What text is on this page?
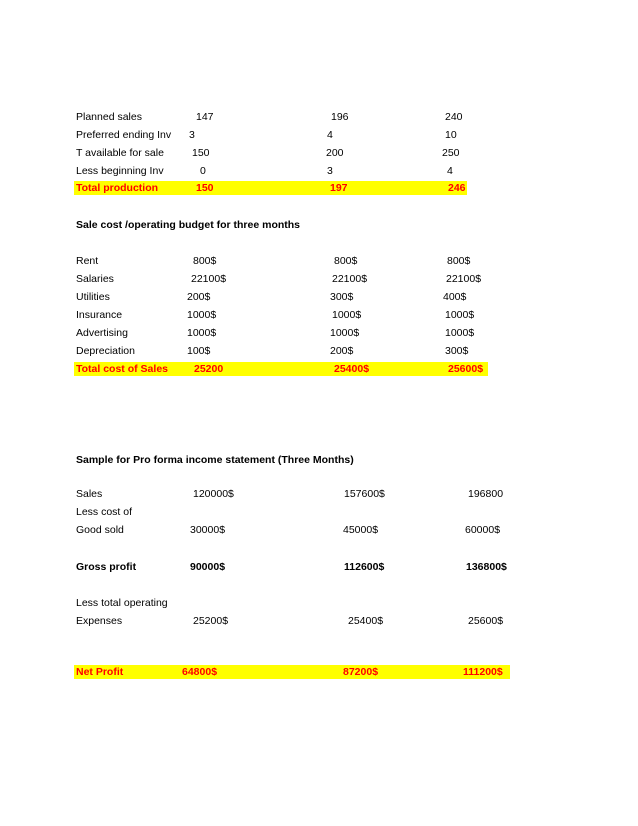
Planned sales	147	196	240
Preferred ending Inv 3	4	10
T available for sale	150	200	250
Less beginning Inv	0	3	4
Total production	150	197	246
Sale cost /operating budget for three months
Rent	800$	800$	800$
Salaries	22100$	22100$	22100$
Utilities	200$	300$	400$
Insurance	1000$	1000$	1000$
Advertising	1000$	1000$	1000$
Depreciation	100$	200$	300$
Total cost of Sales 25200	25400$	25600$
Sample for Pro forma income statement (Three Months)
Sales	120000$	157600$	196800
Less cost of
Good sold	30000$	45000$	60000$
Gross profit	90000$	112600$	136800$
Less total operating
Expenses	25200$	25400$	25600$
Net Profit	64800$	87200$	111200$
